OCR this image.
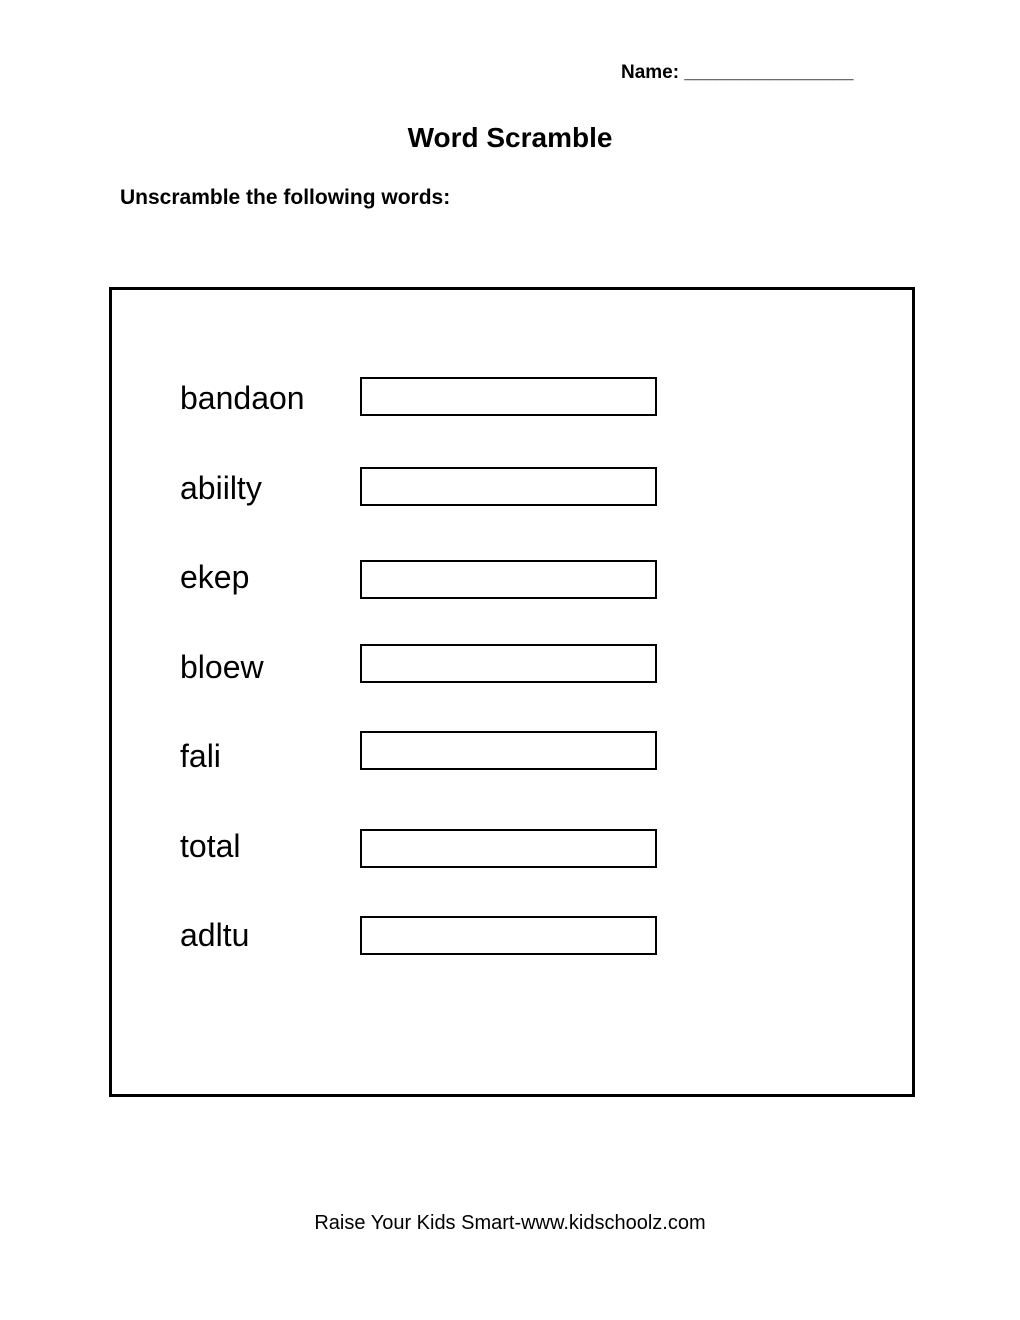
Name: ________________
Word Scramble
Unscramble the following words:
bandaon
abiilty
ekep
bloew
fali
total
adltu
Raise Your Kids Smart-www.kidschoolz.com
